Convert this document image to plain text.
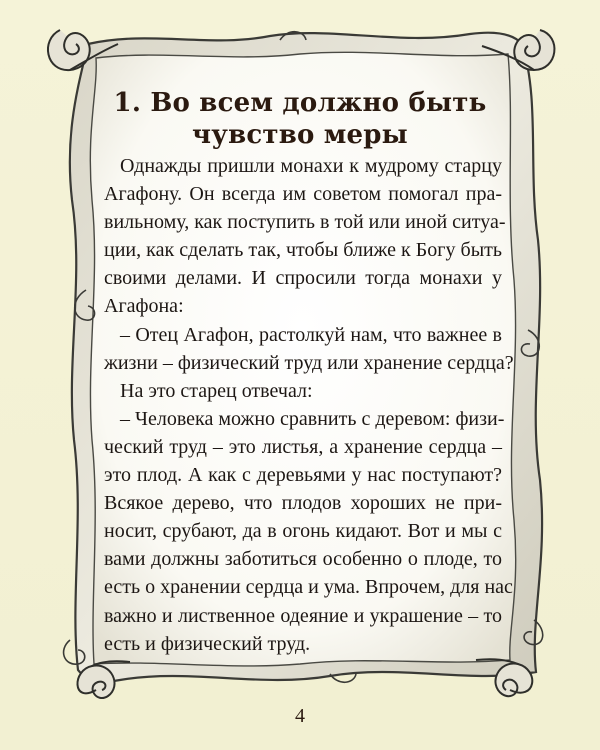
1. Во всем должно быть
чувство меры
Однажды пришли монахи к мудрому старцу
Агафону. Он всегда им советом помогал пра-
вильному, как поступить в той или иной ситуа-
ции, как сделать так, чтобы ближе к Богу быть
своими делами. И спросили тогда монахи у
Агафона:
– Отец Агафон, растолкуй нам, что важнее в
жизни – физический труд или хранение сердца?
На это старец отвечал:
– Человека можно сравнить с деревом: физи-
ческий труд – это листья, а хранение сердца –
это плод. А как с деревьями у нас поступают?
Всякое дерево, что плодов хороших не при-
носит, срубают, да в огонь кидают. Вот и мы с
вами должны заботиться особенно о плоде, то
есть о хранении сердца и ума. Впрочем, для нас
важно и лиственное одеяние и украшение – то
есть и физический труд.
4
